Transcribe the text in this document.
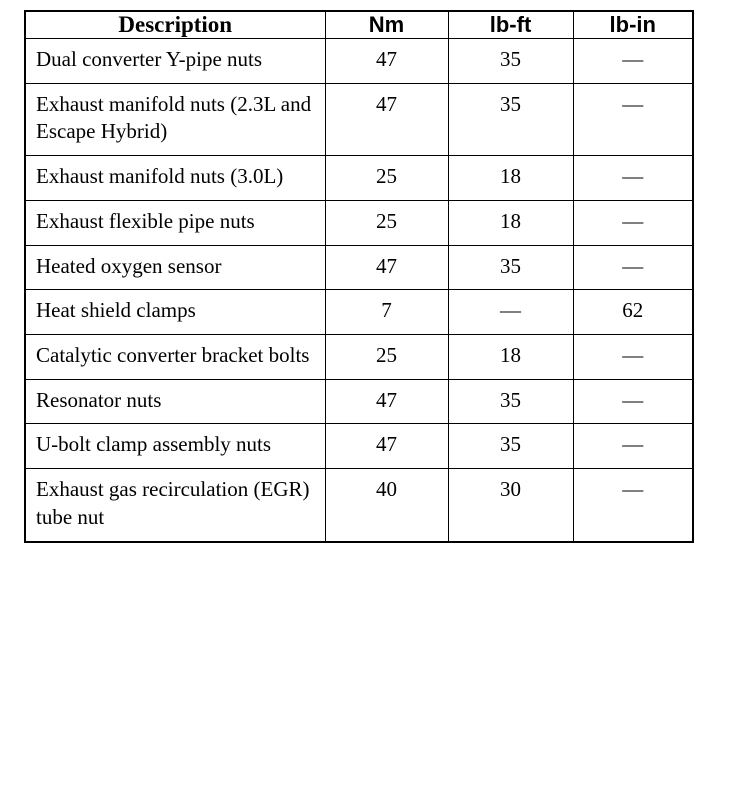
Description	Nm	lb-ft	lb-in
Dual converter Y-pipe nuts	47	35	—
Exhaust manifold nuts (2.3L and Escape Hybrid)	47	35	—
Exhaust manifold nuts (3.0L)	25	18	—
Exhaust flexible pipe nuts	25	18	—
Heated oxygen sensor	47	35	—
Heat shield clamps	7	—	62
Catalytic converter bracket bolts	25	18	—
Resonator nuts	47	35	—
U-bolt clamp assembly nuts	47	35	—
Exhaust gas recirculation (EGR) tube nut	40	30	—
